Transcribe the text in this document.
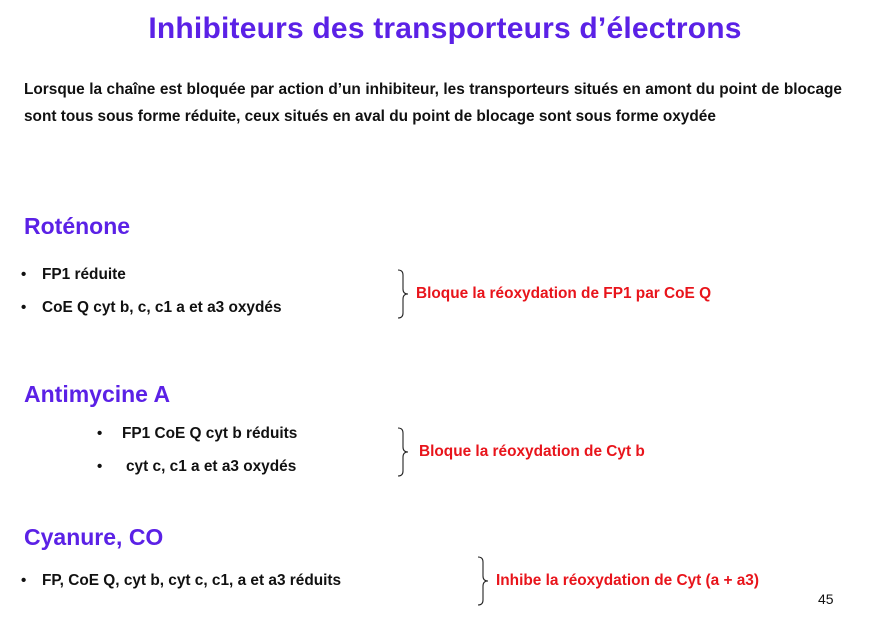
Inhibiteurs des transporteurs d’électrons
Lorsque la chaîne est bloquée par action d’un inhibiteur, les transporteurs situés en amont du point de blocage sont tous sous forme réduite, ceux situés en aval du point de blocage sont sous forme oxydée
Roténone
• FP1 réduite
• CoE Q cyt b, c, c1 a et a3 oxydés
Bloque la réoxydation de FP1 par CoE Q
Antimycine A
• FP1 CoE Q cyt b réduits
• cyt c, c1 a et a3 oxydés
Bloque la réoxydation de Cyt b
Cyanure, CO
• FP, CoE Q, cyt b, cyt c, c1, a et a3 réduits	Inhibe la réoxydation de Cyt (a + a3)
45
